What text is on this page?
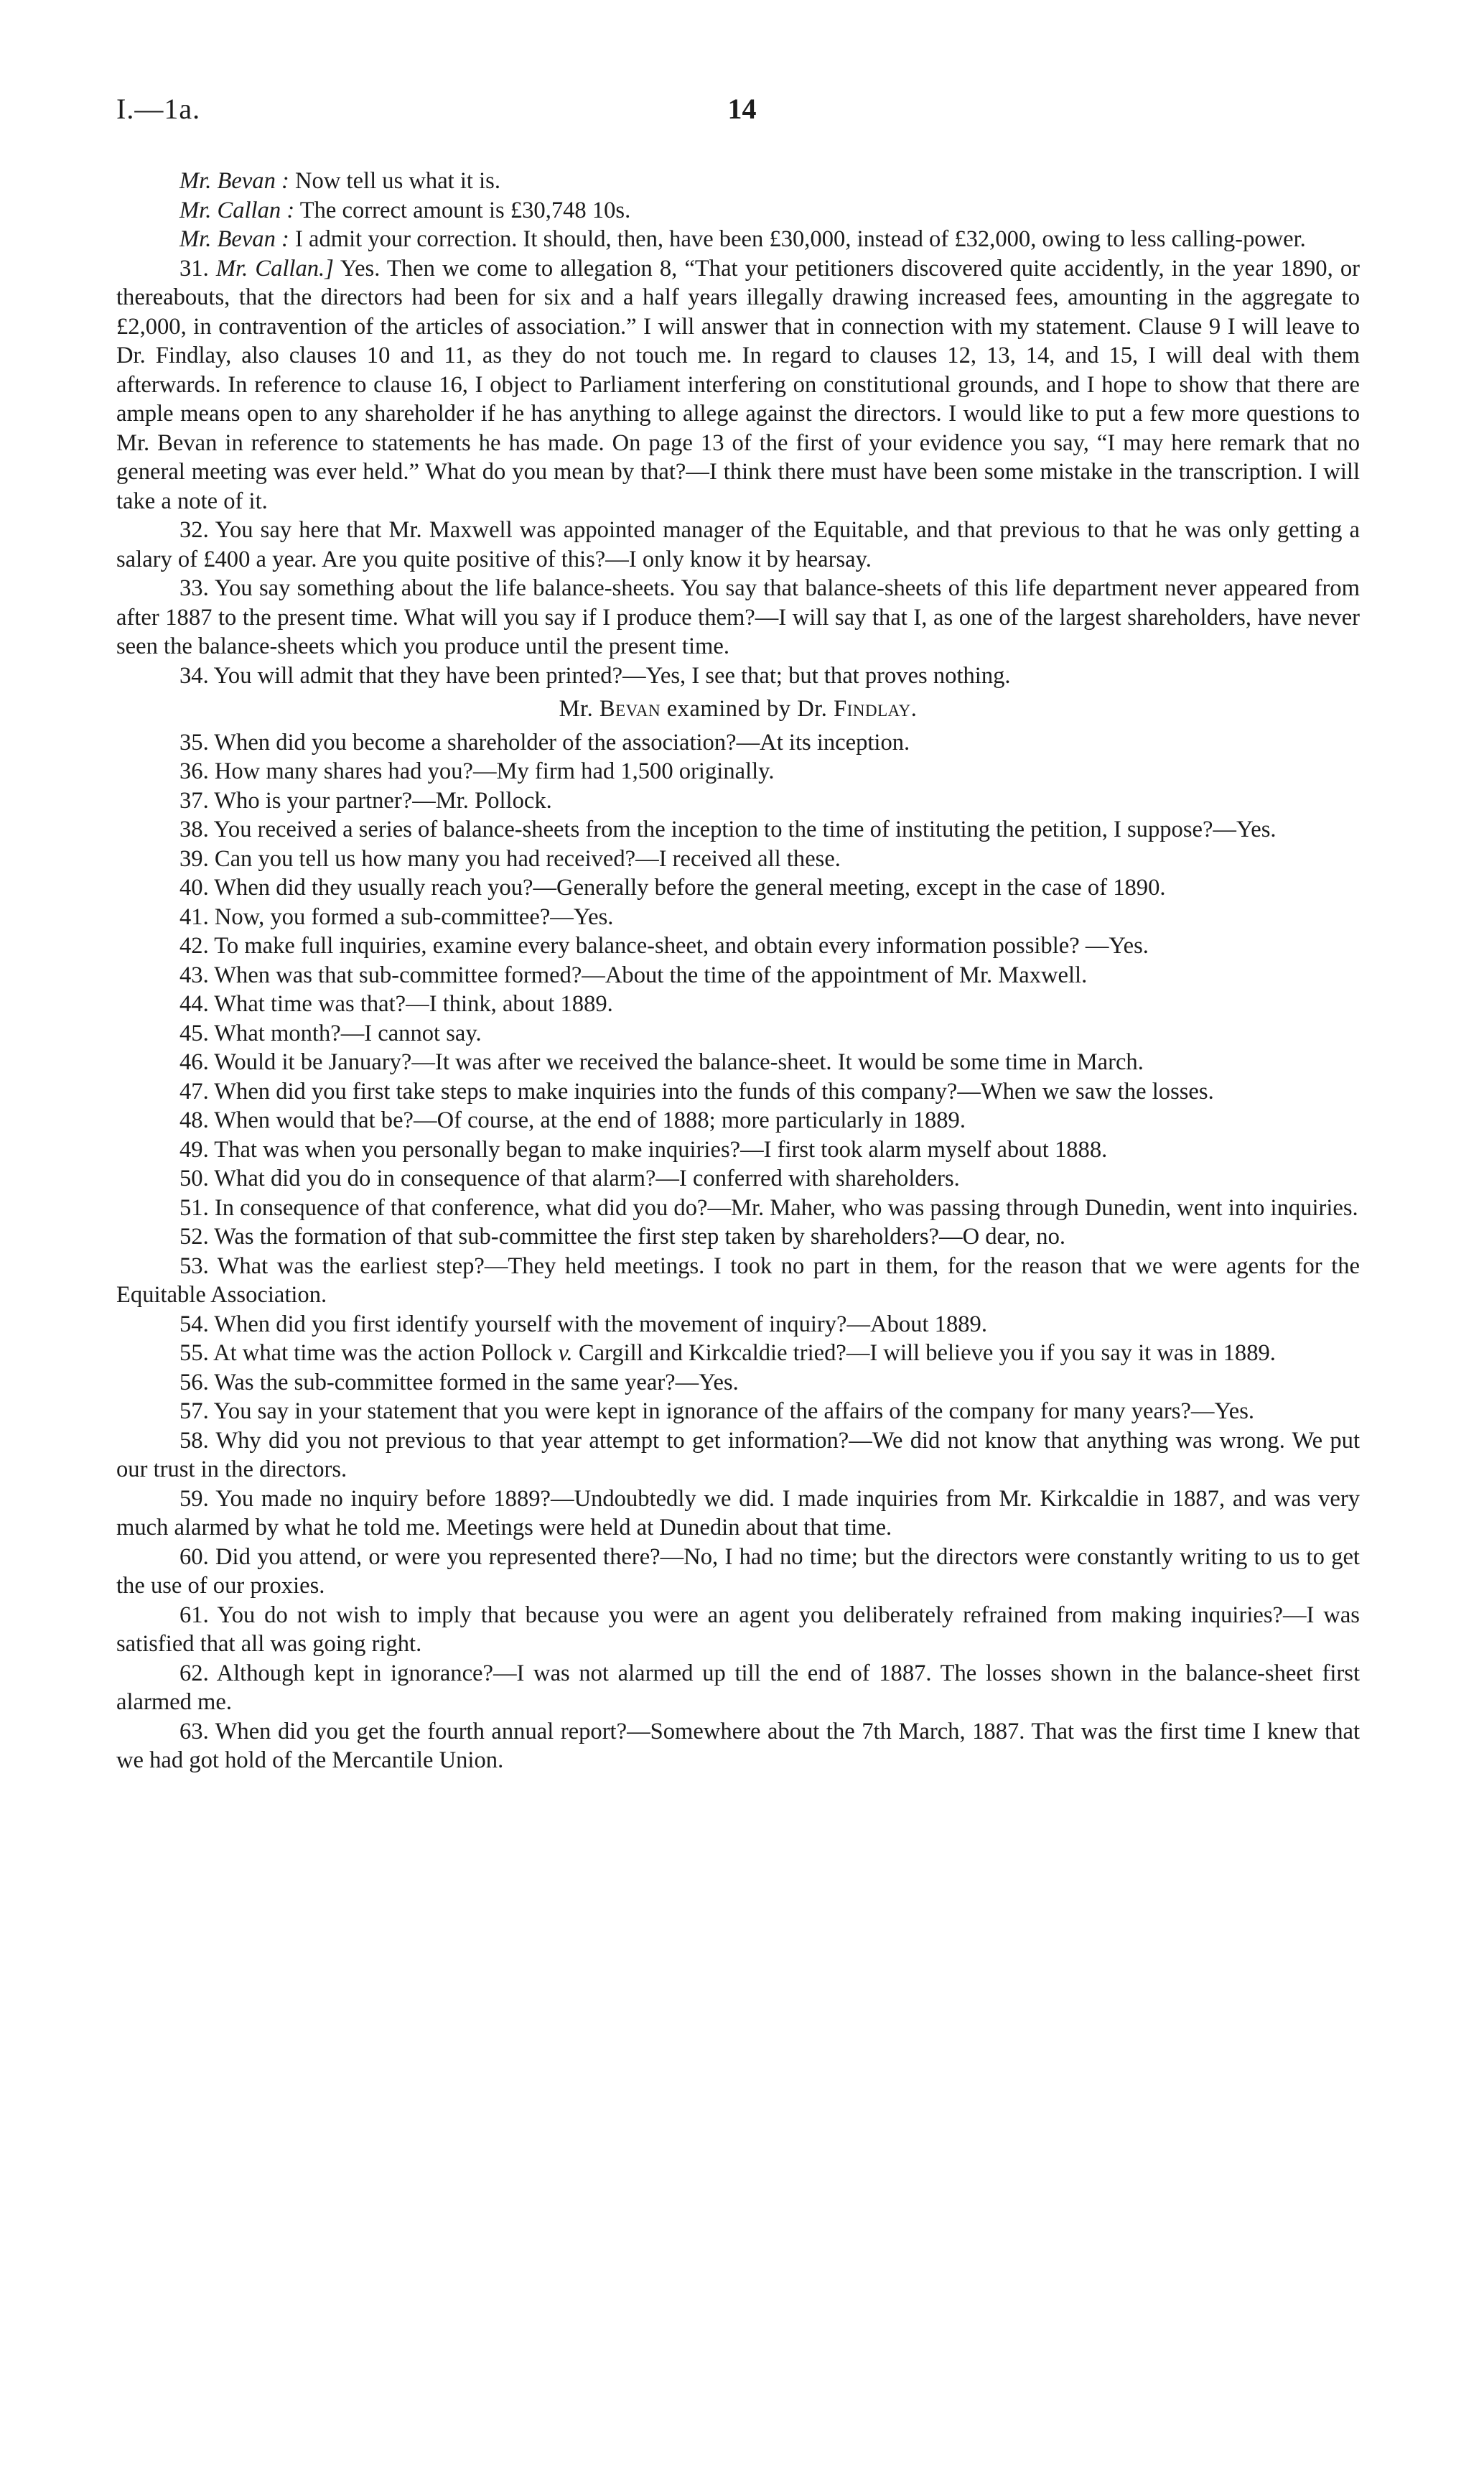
I.—1a.	14

Mr. Bevan : Now tell us what it is.

Mr. Callan : The correct amount is £30,748 10s.

Mr. Bevan : I admit your correction. It should, then, have been £30,000, instead of £32,000, owing to less calling-power.

31. Mr. Callan.] Yes. Then we come to allegation 8, “That your petitioners discovered quite accidently, in the year 1890, or thereabouts, that the directors had been for six and a half years illegally drawing increased fees, amounting in the aggregate to £2,000, in contravention of the articles of association.” I will answer that in connection with my statement. Clause 9 I will leave to Dr. Findlay, also clauses 10 and 11, as they do not touch me. In regard to clauses 12, 13, 14, and 15, I will deal with them afterwards. In reference to clause 16, I object to Parliament interfering on constitutional grounds, and I hope to show that there are ample means open to any shareholder if he has anything to allege against the directors. I would like to put a few more questions to Mr. Bevan in reference to statements he has made. On page 13 of the first of your evidence you say, “I may here remark that no general meeting was ever held.” What do you mean by that?—I think there must have been some mistake in the transcription. I will take a note of it.

32. You say here that Mr. Maxwell was appointed manager of the Equitable, and that previous to that he was only getting a salary of £400 a year. Are you quite positive of this?—I only know it by hearsay.

33. You say something about the life balance-sheets. You say that balance-sheets of this life department never appeared from after 1887 to the present time. What will you say if I produce them?—I will say that I, as one of the largest shareholders, have never seen the balance-sheets which you produce until the present time.

34. You will admit that they have been printed?—Yes, I see that; but that proves nothing.

Mr. Bevan examined by Dr. Findlay.

35. When did you become a shareholder of the association?—At its inception.

36. How many shares had you?—My firm had 1,500 originally.

37. Who is your partner?—Mr. Pollock.

38. You received a series of balance-sheets from the inception to the time of instituting the petition, I suppose?—Yes.

39. Can you tell us how many you had received?—I received all these.

40. When did they usually reach you?—Generally before the general meeting, except in the case of 1890.

41. Now, you formed a sub-committee?—Yes.

42. To make full inquiries, examine every balance-sheet, and obtain every information possible? —Yes.

43. When was that sub-committee formed?—About the time of the appointment of Mr. Maxwell.

44. What time was that?—I think, about 1889.

45. What month?—I cannot say.

46. Would it be January?—It was after we received the balance-sheet. It would be some time in March.

47. When did you first take steps to make inquiries into the funds of this company?—When we saw the losses.

48. When would that be?—Of course, at the end of 1888; more particularly in 1889.

49. That was when you personally began to make inquiries?—I first took alarm myself about 1888.

50. What did you do in consequence of that alarm?—I conferred with shareholders.

51. In consequence of that conference, what did you do?—Mr. Maher, who was passing through Dunedin, went into inquiries.

52. Was the formation of that sub-committee the first step taken by shareholders?—O dear, no.

53. What was the earliest step?—They held meetings. I took no part in them, for the reason that we were agents for the Equitable Association.

54. When did you first identify yourself with the movement of inquiry?—About 1889.

55. At what time was the action Pollock v. Cargill and Kirkcaldie tried?—I will believe you if you say it was in 1889.

56. Was the sub-committee formed in the same year?—Yes.

57. You say in your statement that you were kept in ignorance of the affairs of the company for many years?—Yes.

58. Why did you not previous to that year attempt to get information?—We did not know that anything was wrong. We put our trust in the directors.

59. You made no inquiry before 1889?—Undoubtedly we did. I made inquiries from Mr. Kirkcaldie in 1887, and was very much alarmed by what he told me. Meetings were held at Dunedin about that time.

60. Did you attend, or were you represented there?—No, I had no time; but the directors were constantly writing to us to get the use of our proxies.

61. You do not wish to imply that because you were an agent you deliberately refrained from making inquiries?—I was satisfied that all was going right.

62. Although kept in ignorance?—I was not alarmed up till the end of 1887. The losses shown in the balance-sheet first alarmed me.

63. When did you get the fourth annual report?—Somewhere about the 7th March, 1887. That was the first time I knew that we had got hold of the Mercantile Union.
